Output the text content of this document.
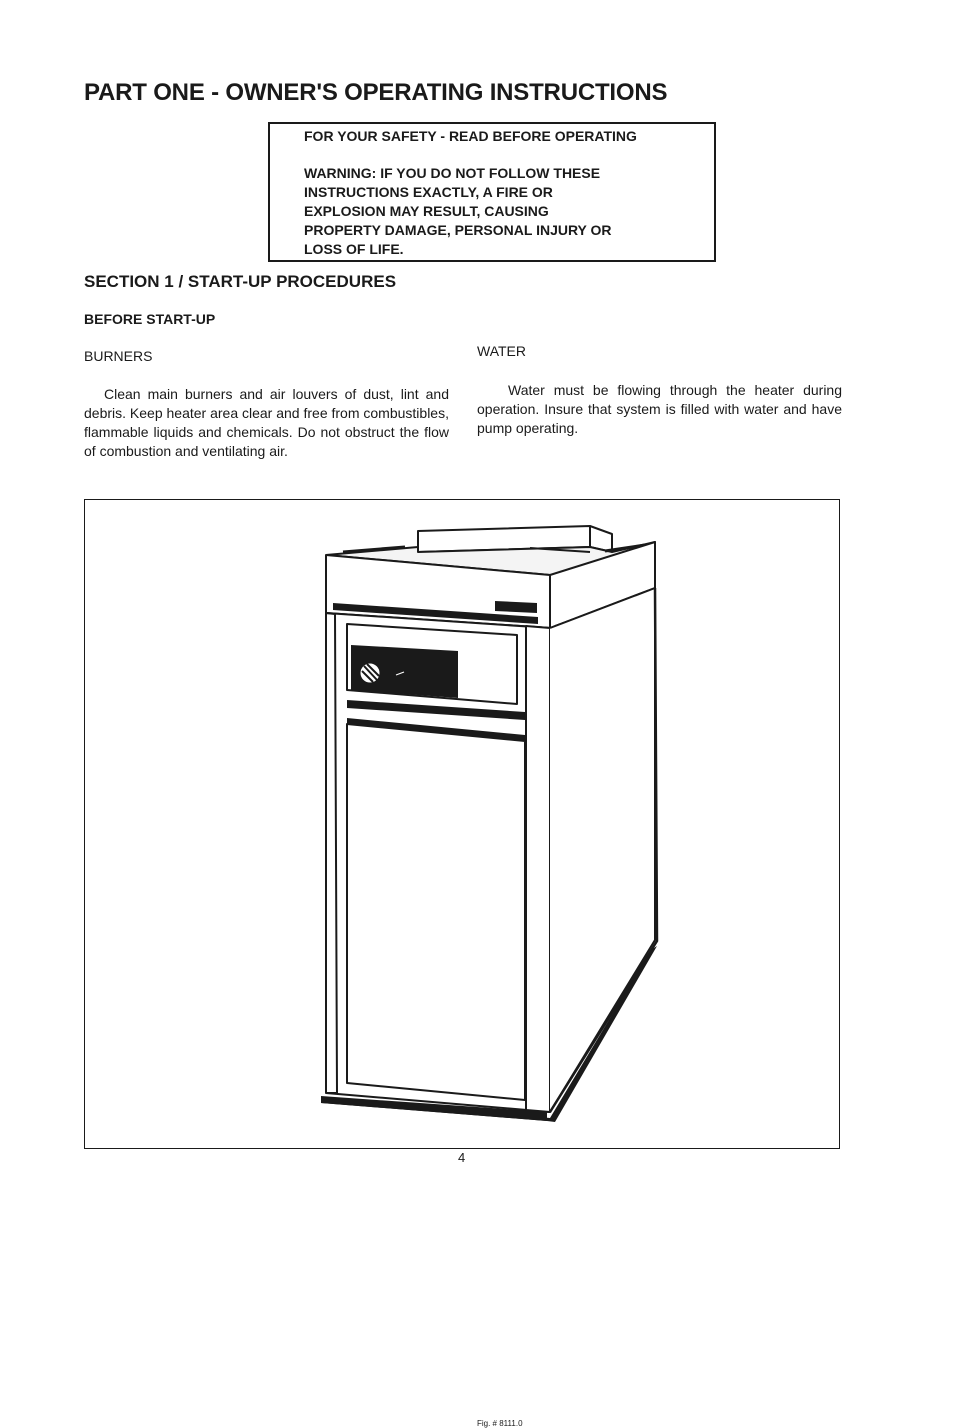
PART ONE - OWNER'S OPERATING INSTRUCTIONS
FOR YOUR SAFETY - READ BEFORE OPERATING
WARNING: IF YOU DO NOT FOLLOW THESE
INSTRUCTIONS EXACTLY, A FIRE OR
EXPLOSION MAY RESULT, CAUSING
PROPERTY DAMAGE, PERSONAL INJURY OR
LOSS OF LIFE.
SECTION 1 / START-UP PROCEDURES
BEFORE START-UP
BURNERS

Clean main burners and air louvers of dust, lint and debris. Keep heater area clear and free from combustibles, flammable liquids and chemicals. Do not obstruct the flow of combustion and ventilating air.

WATER

Water must be flowing through the heater during operation. Insure that system is filled with water and have pump operating.

Fig. # 8111.0
4
